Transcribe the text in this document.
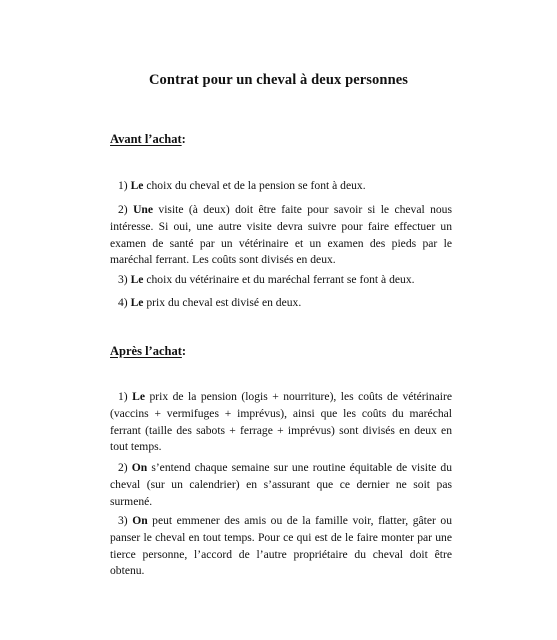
Contrat pour un cheval à deux personnes
Avant l’achat:
1) Le choix du cheval et de la pension se font à deux.
2) Une visite (à deux) doit être faite pour savoir si le cheval nous intéresse. Si oui, une autre visite devra suivre pour faire effectuer un examen de santé par un vétérinaire et un examen des pieds par le maréchal ferrant. Les coûts sont divisés en deux.
3) Le choix du vétérinaire et du maréchal ferrant se font à deux.
4) Le prix du cheval est divisé en deux.
Après l’achat:
1) Le prix de la pension (logis + nourriture), les coûts de vétérinaire (vaccins + vermifuges + imprévus), ainsi que les coûts du maréchal ferrant (taille des sabots + ferrage + imprévus) sont divisés en deux en tout temps.
2) On s’entend chaque semaine sur une routine équitable de visite du cheval (sur un calendrier) en s’assurant que ce dernier ne soit pas surmené.
3) On peut emmener des amis ou de la famille voir, flatter, gâter ou panser le cheval en tout temps. Pour ce qui est de le faire monter par une tierce personne, l’accord de l’autre propriétaire du cheval doit être obtenu.
